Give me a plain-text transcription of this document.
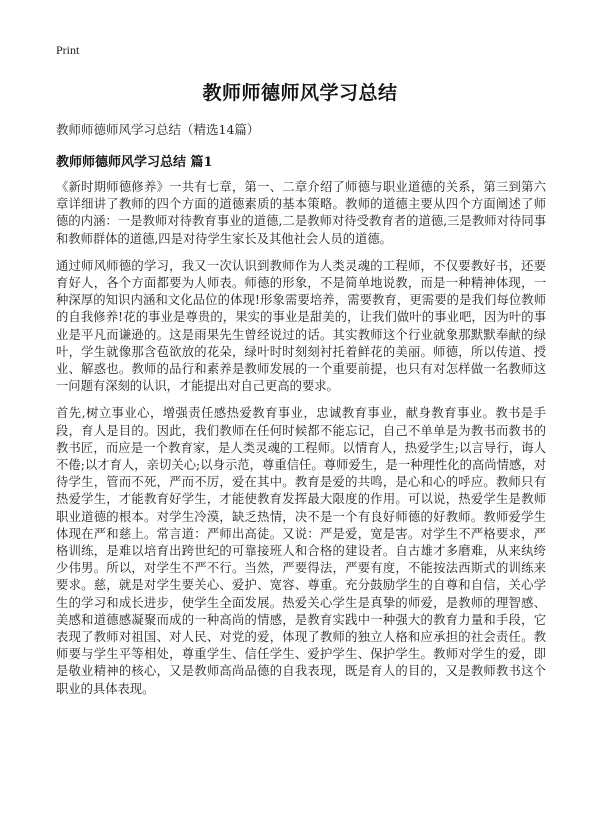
Print
教师师德师风学习总结
教师师德师风学习总结（精选14篇）
教师师德师风学习总结 篇1

《新时期师德修养》一共有七章，第一、二章介绍了师德与职业道德的关系，第三到第六章详细讲了教师的四个方面的道德素质的基本策略。教师的道德主要从四个方面阐述了师德的内涵：一是教师对待教育事业的道德,二是教师对待受教育者的道德,三是教师对待同事和教师群体的道德,四是对待学生家长及其他社会人员的道德。

通过师风师德的学习，我又一次认识到教师作为人类灵魂的工程师，不仅要教好书，还要育好人，各个方面都要为人师表。师德的形象，不是简单地说教，而是一种精神体现，一种深厚的知识内涵和文化品位的体现!形象需要培养，需要教育，更需要的是我们每位教师的自我修养!花的事业是尊贵的，果实的事业是甜美的，让我们做叶的事业吧，因为叶的事业是平凡而谦逊的。这是雨果先生曾经说过的话。其实教师这个行业就象那默默奉献的绿叶，学生就像那含苞欲放的花朵，绿叶时时刻刻衬托着鲜花的美丽。师德，所以传道、授业、解惑也。教师的品行和素养是教师发展的一个重要前提，也只有对怎样做一名教师这一问题有深刻的认识，才能提出对自己更高的要求。

首先,树立事业心，增强责任感热爱教育事业，忠诚教育事业，献身教育事业。教书是手段，育人是目的。因此，我们教师在任何时候都不能忘记，自己不单单是为教书而教书的教书匠，而应是一个教育家，是人类灵魂的工程师。以情育人，热爱学生;以言导行，诲人不倦;以才育人，亲切关心;以身示范，尊重信任。尊师爱生，是一种理性化的高尚情感，对待学生，管而不死，严而不厉，爱在其中。教育是爱的共鸣，是心和心的呼应。教师只有热爱学生，才能教育好学生，才能使教育发挥最大限度的作用。可以说，热爱学生是教师职业道德的根本。对学生冷漠，缺乏热情，决不是一个有良好师德的好教师。教师爱学生体现在严和慈上。常言道：严师出高徒。又说：严是爱，宽是害。对学生不严格要求，严格训练，是难以培育出跨世纪的可靠接班人和合格的建设者。自古雄才多磨难，从来纨绔少伟男。所以，对学生不严不行。当然，严要得法，严要有度，不能按法西斯式的训练来要求。慈，就是对学生要关心、爱护、宽容、尊重。充分鼓励学生的自尊和自信，关心学生的学习和成长进步，使学生全面发展。热爱关心学生是真挚的师爱，是教师的理智感、美感和道德感凝聚而成的一种高尚的情感，是教育实践中一种强大的教育力量和手段，它表现了教师对祖国、对人民、对党的爱，体现了教师的独立人格和应承担的社会责任。教师要与学生平等相处，尊重学生、信任学生、爱护学生、保护学生。教师对学生的爱，即是敬业精神的核心，又是教师高尚品德的自我表现，既是育人的目的，又是教师教书这个职业的具体表现。
